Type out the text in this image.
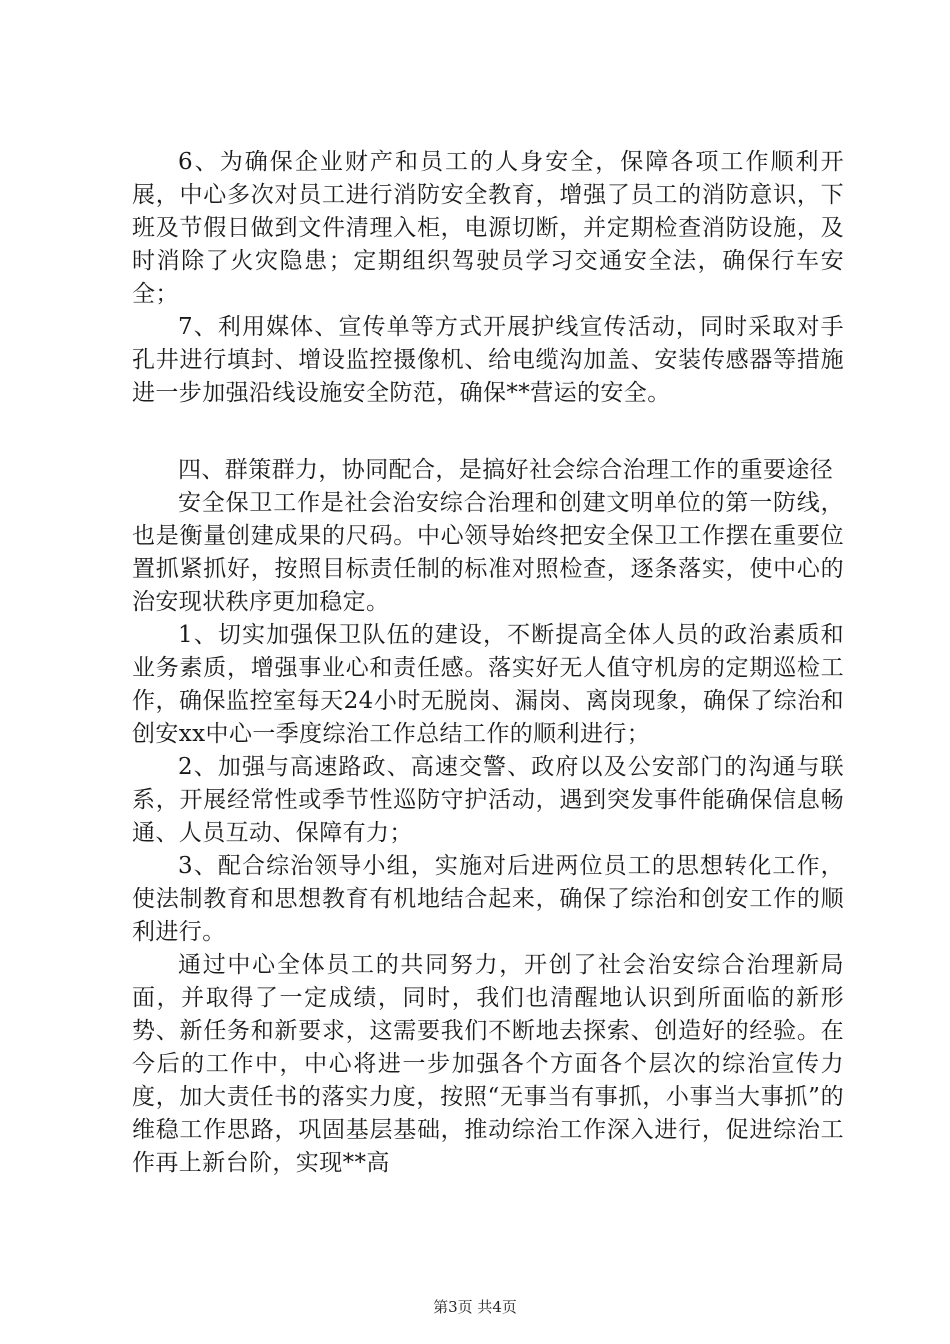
6、为确保企业财产和员工的人身安全，保障各项工作顺利开展，中心多次对员工进行消防安全教育，增强了员工的消防意识，下班及节假日做到文件清理入柜，电源切断，并定期检查消防设施，及时消除了火灾隐患；定期组织驾驶员学习交通安全法，确保行车安全；

7、利用媒体、宣传单等方式开展护线宣传活动，同时采取对手孔井进行填封、增设监控摄像机、给电缆沟加盖、安装传感器等措施进一步加强沿线设施安全防范，确保**营运的安全。

四、群策群力，协同配合，是搞好社会综合治理工作的重要途径

安全保卫工作是社会治安综合治理和创建文明单位的第一防线，也是衡量创建成果的尺码。中心领导始终把安全保卫工作摆在重要位置抓紧抓好，按照目标责任制的标准对照检查，逐条落实，使中心的治安现状秩序更加稳定。

1、切实加强保卫队伍的建设，不断提高全体人员的政治素质和业务素质，增强事业心和责任感。落实好无人值守机房的定期巡检工作，确保监控室每天24小时无脱岗、漏岗、离岗现象，确保了综治和创安xx中心一季度综治工作总结工作的顺利进行；

2、加强与高速路政、高速交警、政府以及公安部门的沟通与联系，开展经常性或季节性巡防守护活动，遇到突发事件能确保信息畅通、人员互动、保障有力；

3、配合综治领导小组，实施对后进两位员工的思想转化工作，使法制教育和思想教育有机地结合起来，确保了综治和创安工作的顺利进行。

通过中心全体员工的共同努力，开创了社会治安综合治理新局面，并取得了一定成绩，同时，我们也清醒地认识到所面临的新形势、新任务和新要求，这需要我们不断地去探索、创造好的经验。在今后的工作中，中心将进一步加强各个方面各个层次的综治宣传力度，加大责任书的落实力度，按照“无事当有事抓，小事当大事抓”的维稳工作思路，巩固基层基础，推动综治工作深入进行，促进综治工作再上新台阶，实现**高

第3页 共4页
